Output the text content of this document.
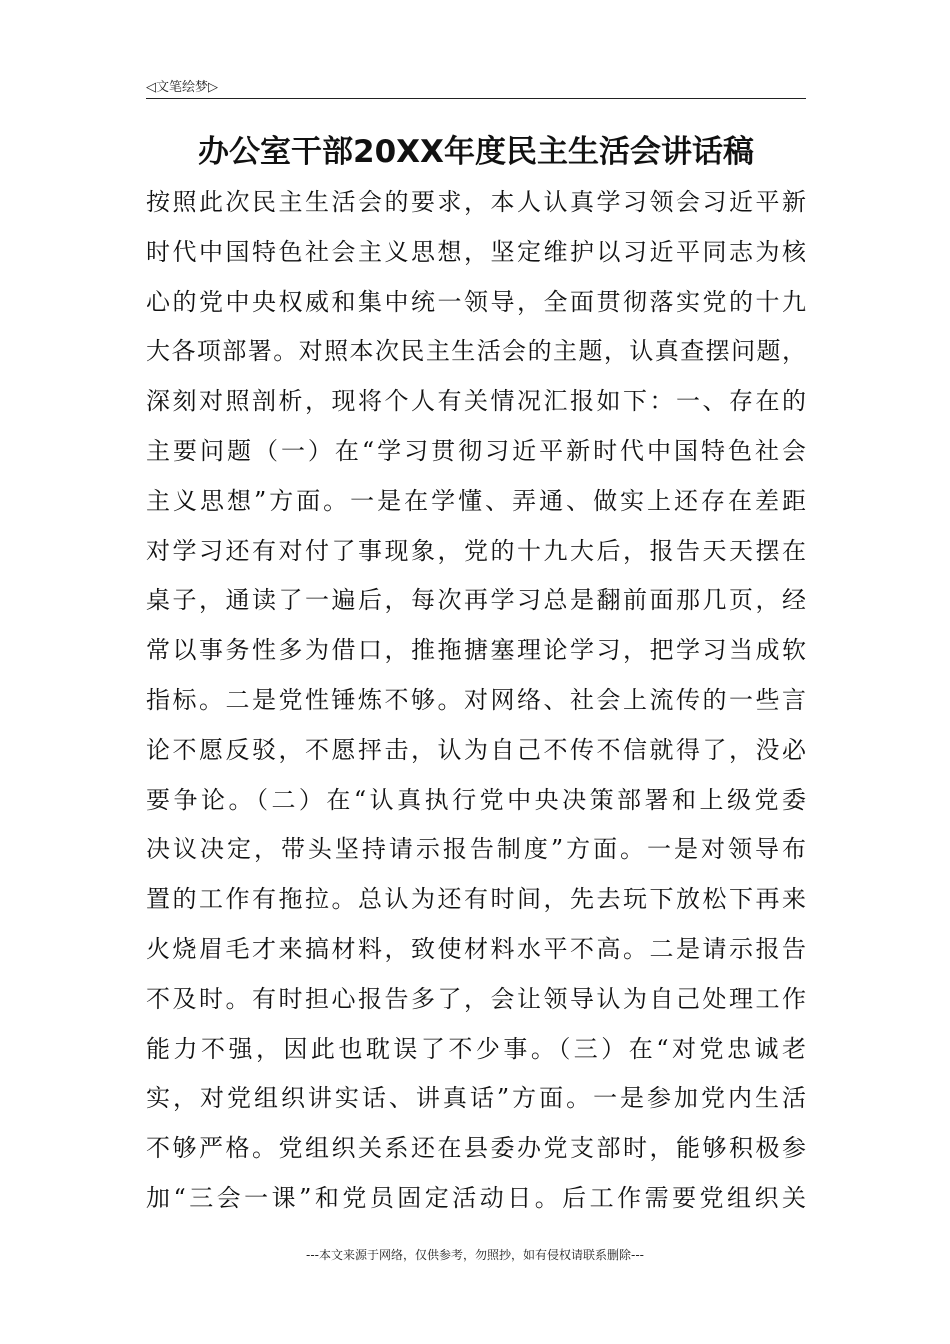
◁文笔绘梦▷
办公室干部20XX年度民主生活会讲话稿
按照此次民主生活会的要求，本人认真学习领会习近平新
时代中国特色社会主义思想，坚定维护以习近平同志为核
心的党中央权威和集中统一领导，全面贯彻落实党的十九
大各项部署。对照本次民主生活会的主题，认真查摆问题，
深刻对照剖析，现将个人有关情况汇报如下：一、存在的
主要问题（一）在“学习贯彻习近平新时代中国特色社会
主义思想”方面。一是在学懂、弄通、做实上还存在差距
对学习还有对付了事现象，党的十九大后，报告天天摆在
桌子，通读了一遍后，每次再学习总是翻前面那几页，经
常以事务性多为借口，推拖搪塞理论学习，把学习当成软
指标。二是党性锤炼不够。对网络、社会上流传的一些言
论不愿反驳，不愿抨击，认为自己不传不信就得了，没必
要争论。（二）在“认真执行党中央决策部署和上级党委
决议决定，带头坚持请示报告制度”方面。一是对领导布
置的工作有拖拉。总认为还有时间，先去玩下放松下再来
火烧眉毛才来搞材料，致使材料水平不高。二是请示报告
不及时。有时担心报告多了，会让领导认为自己处理工作
能力不强，因此也耽误了不少事。（三）在“对党忠诚老
实，对党组织讲实话、讲真话”方面。一是参加党内生活
不够严格。党组织关系还在县委办党支部时，能够积极参
加“三会一课”和党员固定活动日。后工作需要党组织关
---本文来源于网络，仅供参考，勿照抄，如有侵权请联系删除---
